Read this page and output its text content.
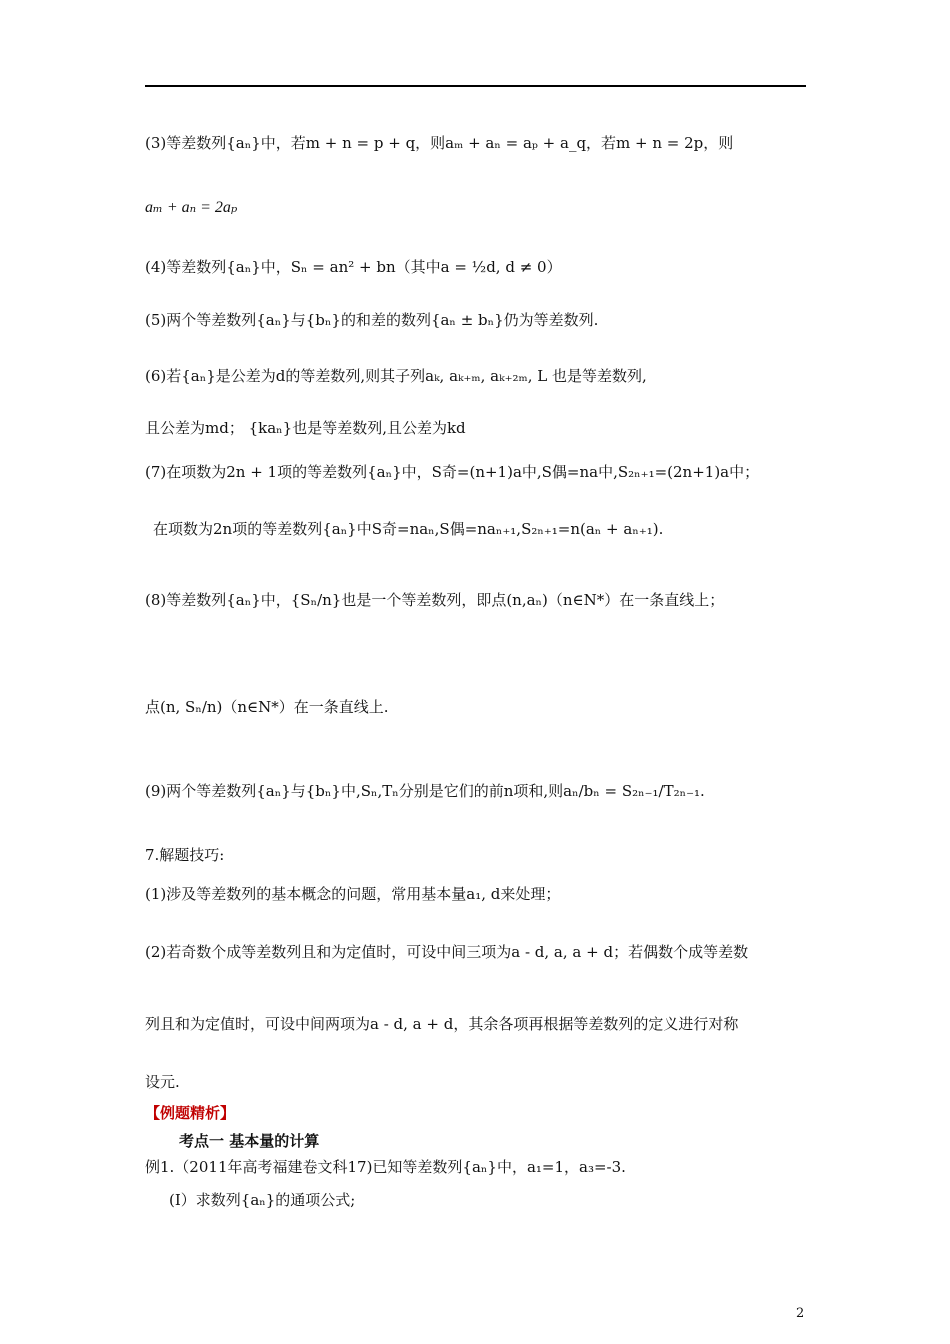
(3)等差数列{aₙ}中，若m + n = p + q，则aₘ + aₙ = aₚ + a_q，若m + n = 2p，则
aₘ + aₙ = 2aₚ
(4)等差数列{aₙ}中，Sₙ = an² + bn（其中a = ½d, d ≠ 0）
(5)两个等差数列{aₙ}与{bₙ}的和差的数列{aₙ ± bₙ}仍为等差数列.
(6)若{aₙ}是公差为d的等差数列,则其子列aₖ, aₖ₊ₘ, aₖ₊₂ₘ, L 也是等差数列,
且公差为md； {kaₙ}也是等差数列,且公差为kd
(7)在项数为2n + 1项的等差数列{aₙ}中，S奇=(n+1)a中,S偶=na中,S₂ₙ₊₁=(2n+1)a中；
在项数为2n项的等差数列{aₙ}中S奇=naₙ,S偶=naₙ₊₁,S₂ₙ₊₁=n(aₙ + aₙ₊₁).
(8)等差数列{aₙ}中，{Sₙ/n}也是一个等差数列，即点(n,aₙ)（n∈N*）在一条直线上；
点(n, Sₙ/n)（n∈N*）在一条直线上.
(9)两个等差数列{aₙ}与{bₙ}中,Sₙ,Tₙ分别是它们的前n项和,则aₙ/bₙ = S₂ₙ₋₁/T₂ₙ₋₁.
7.解题技巧:
(1)涉及等差数列的基本概念的问题，常用基本量a₁, d来处理；
(2)若奇数个成等差数列且和为定值时，可设中间三项为a - d, a, a + d；若偶数个成等差数
列且和为定值时，可设中间两项为a - d, a + d，其余各项再根据等差数列的定义进行对称
设元.
【例题精析】
考点一 基本量的计算
例1.（2011年高考福建卷文科17)已知等差数列{aₙ}中，a₁=1，a₃=-3.
(Ⅰ）求数列{aₙ}的通项公式;
2
